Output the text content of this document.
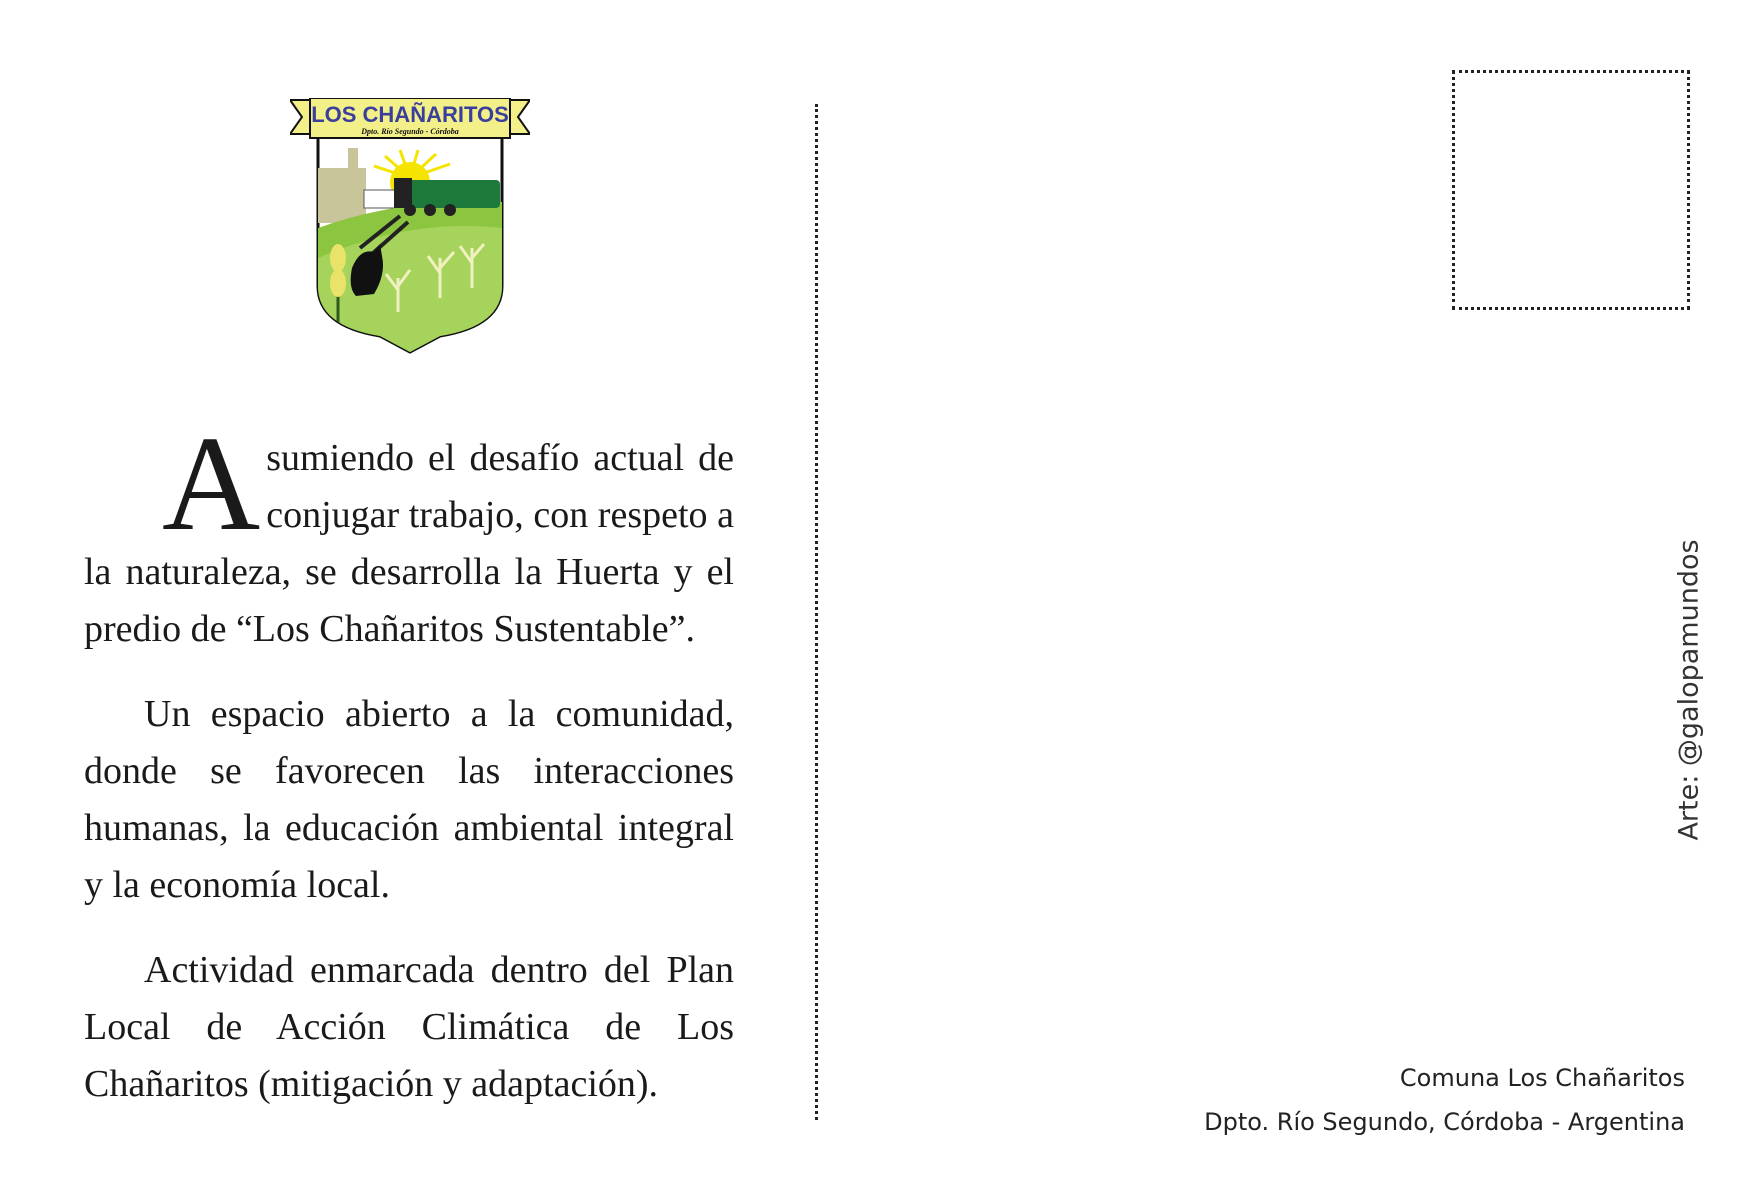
LOS CHAÑARITOS
Dpto. Río Segundo - Córdoba

Asumiendo el desafío actual de conjugar trabajo, con respeto a la naturaleza, se desarrolla la Huerta y el predio de “Los Chañaritos Sustentable”.

Un espacio abierto a la comunidad, donde se favorecen las interacciones humanas, la educación ambiental integral y la economía local.

Actividad enmarcada dentro del Plan Local de Acción Climática de Los Chañaritos (mitigación y adaptación).

Arte: @galopamundos
Comuna Los Chañaritos
Dpto. Río Segundo, Córdoba - Argentina
